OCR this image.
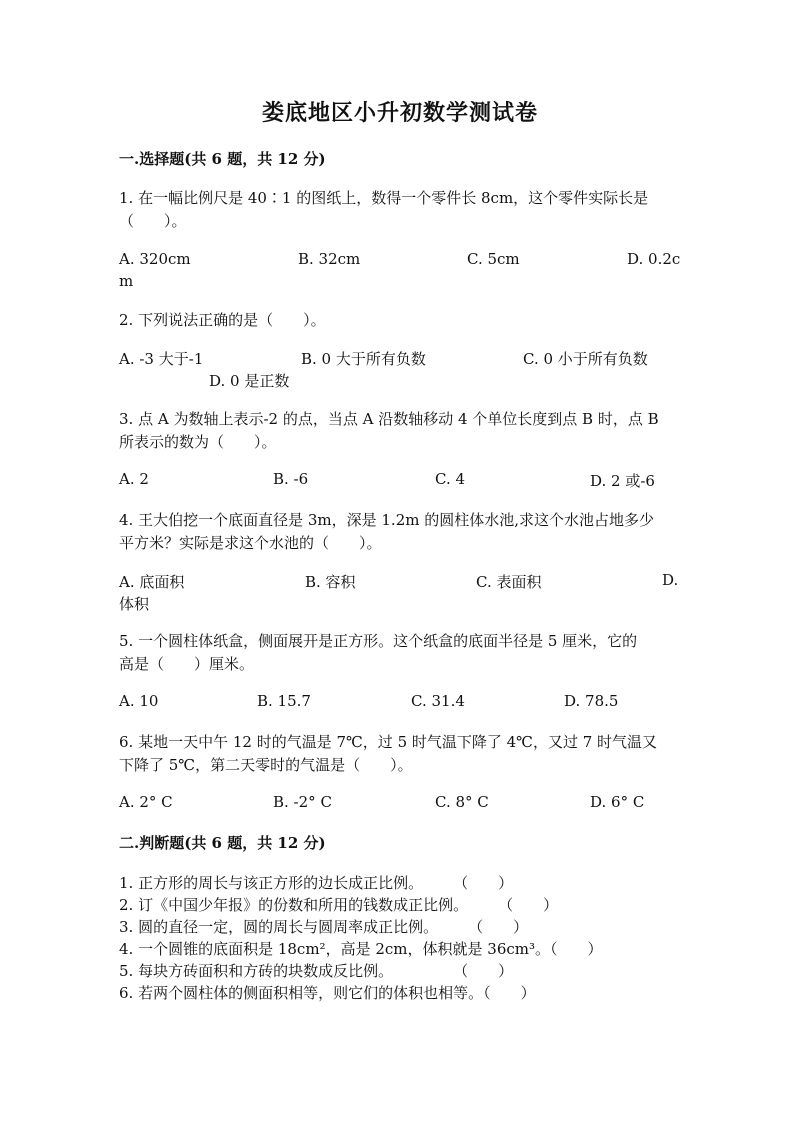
娄底地区小升初数学测试卷
一.选择题(共 6 题，共 12 分)
1. 在一幅比例尺是 40∶1 的图纸上，数得一个零件长 8cm，这个零件实际长是
（　　）。
A. 320cm	B. 32cm	C. 5cm	D. 0.2c
m
2. 下列说法正确的是（　　）。
A. -3 大于-1	B. 0 大于所有负数	C. 0 小于所有负数
D. 0 是正数
3. 点 A 为数轴上表示-2 的点，当点 A 沿数轴移动 4 个单位长度到点 B 时，点 B
所表示的数为（　　）。
A. 2	B. -6	C. 4	D. 2 或-6
4. 王大伯挖一个底面直径是 3m，深是 1.2m 的圆柱体水池,求这个水池占地多少
平方米？实际是求这个水池的（　　）。
A. 底面积	B. 容积	C. 表面积	D.
体积
5. 一个圆柱体纸盒，侧面展开是正方形。这个纸盒的底面半径是 5 厘米，它的
高是（　　）厘米。
A. 10	B. 15.7	C. 31.4	D. 78.5
6. 某地一天中午 12 时的气温是 7℃，过 5 时气温下降了 4℃，又过 7 时气温又
下降了 5℃，第二天零时的气温是（　　）。
A. 2° C	B. -2° C	C. 8° C	D. 6° C
二.判断题(共 6 题，共 12 分)
1. 正方形的周长与该正方形的边长成正比例。　　　（　　）
2. 订《中国少年报》的份数和所用的钱数成正比例。　　　（　　）
3. 圆的直径一定，圆的周长与圆周率成正比例。　　　（　　）
4. 一个圆锥的底面积是 18cm²，高是 2cm，体积就是 36cm³。（　　）
5. 每块方砖面积和方砖的块数成反比例。　　　　　（　　）
6. 若两个圆柱体的侧面积相等，则它们的体积也相等。（　　）
